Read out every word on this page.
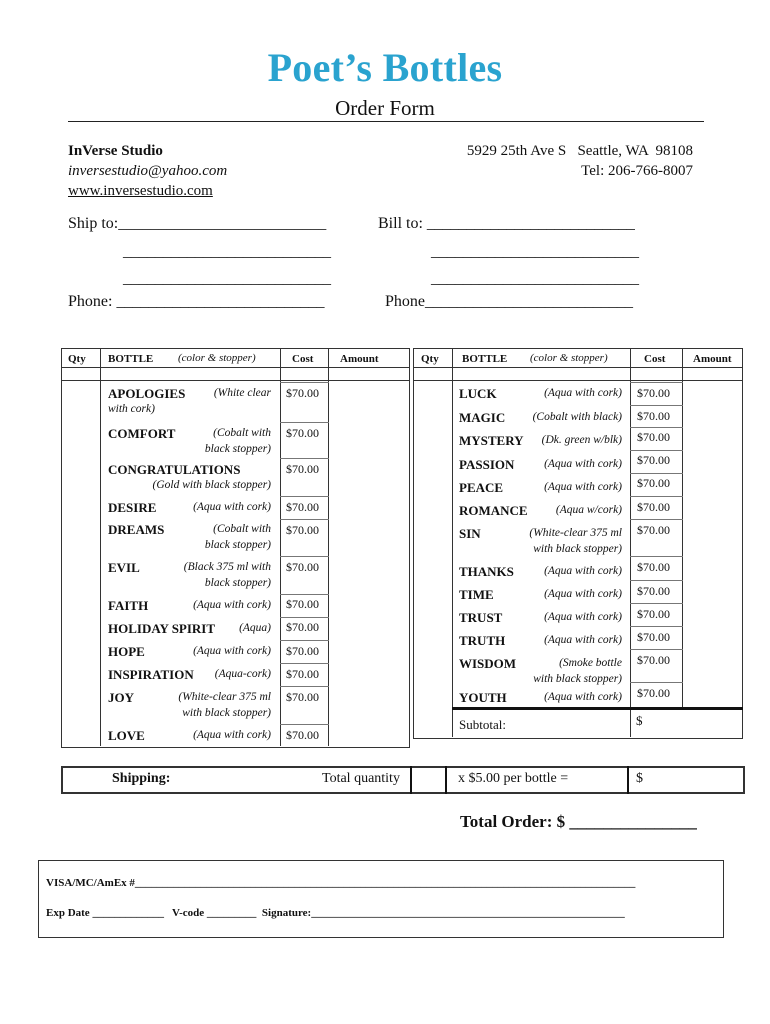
Poet’s Bottles
Order Form
InVerse Studio
inversestudio@yahoo.com
www.inversestudio.com
5929 25th Ave S   Seattle, WA  98108
Tel: 206-766-8007
Ship to:__________________________
__________________________
__________________________
Phone: __________________________
Bill to: __________________________
__________________________
__________________________
Phone__________________________
Qty	BOTTLE	(color & stopper)	Cost	Amount	Qty	BOTTLE	(color & stopper)	Cost	Amount
APOLOGIES (White clear
with cork)
$70.00
COMFORT	(Cobalt with
black stopper)
$70.00
CONGRATULATIONS
(Gold with black stopper)
$70.00
DESIRE	(Aqua with cork) $70.00
DREAMS	(Cobalt with
black stopper)
$70.00
EVIL	(Black 375 ml with
black stopper)
$70.00
FAITH	(Aqua with cork) $70.00
HOLIDAY SPIRIT (Aqua) $70.00
HOPE	(Aqua with cork) $70.00
INSPIRATION (Aqua-cork) $70.00
JOY	(White-clear 375 ml
with black stopper)
$70.00
LOVE	(Aqua with cork) $70.00
LUCK	(Aqua with cork) $70.00
MAGIC (Cobalt with black) $70.00
MYSTERY (Dk. green w/blk) $70.00
PASSION	(Aqua with cork) $70.00
PEACE	(Aqua with cork) $70.00
ROMANCE (Aqua w/cork) $70.00
SIN	(White-clear 375 ml
with black stopper)
$70.00
THANKS	(Aqua with cork) $70.00
TIME	(Aqua with cork) $70.00
TRUST	(Aqua with cork) $70.00
TRUTH	(Aqua with cork) $70.00
WISDOM	(Smoke bottle
with black stopper)
$70.00
YOUTH	(Aqua with cork) $70.00
Subtotal:	$
Shipping:	Total quantity	x $5.00 per bottle =	$
Total Order: $ _______________
VISA/MC/AmEx #___________________________________________________________________________________________
Exp Date _____________   V-code _________  Signature:_________________________________________________________
